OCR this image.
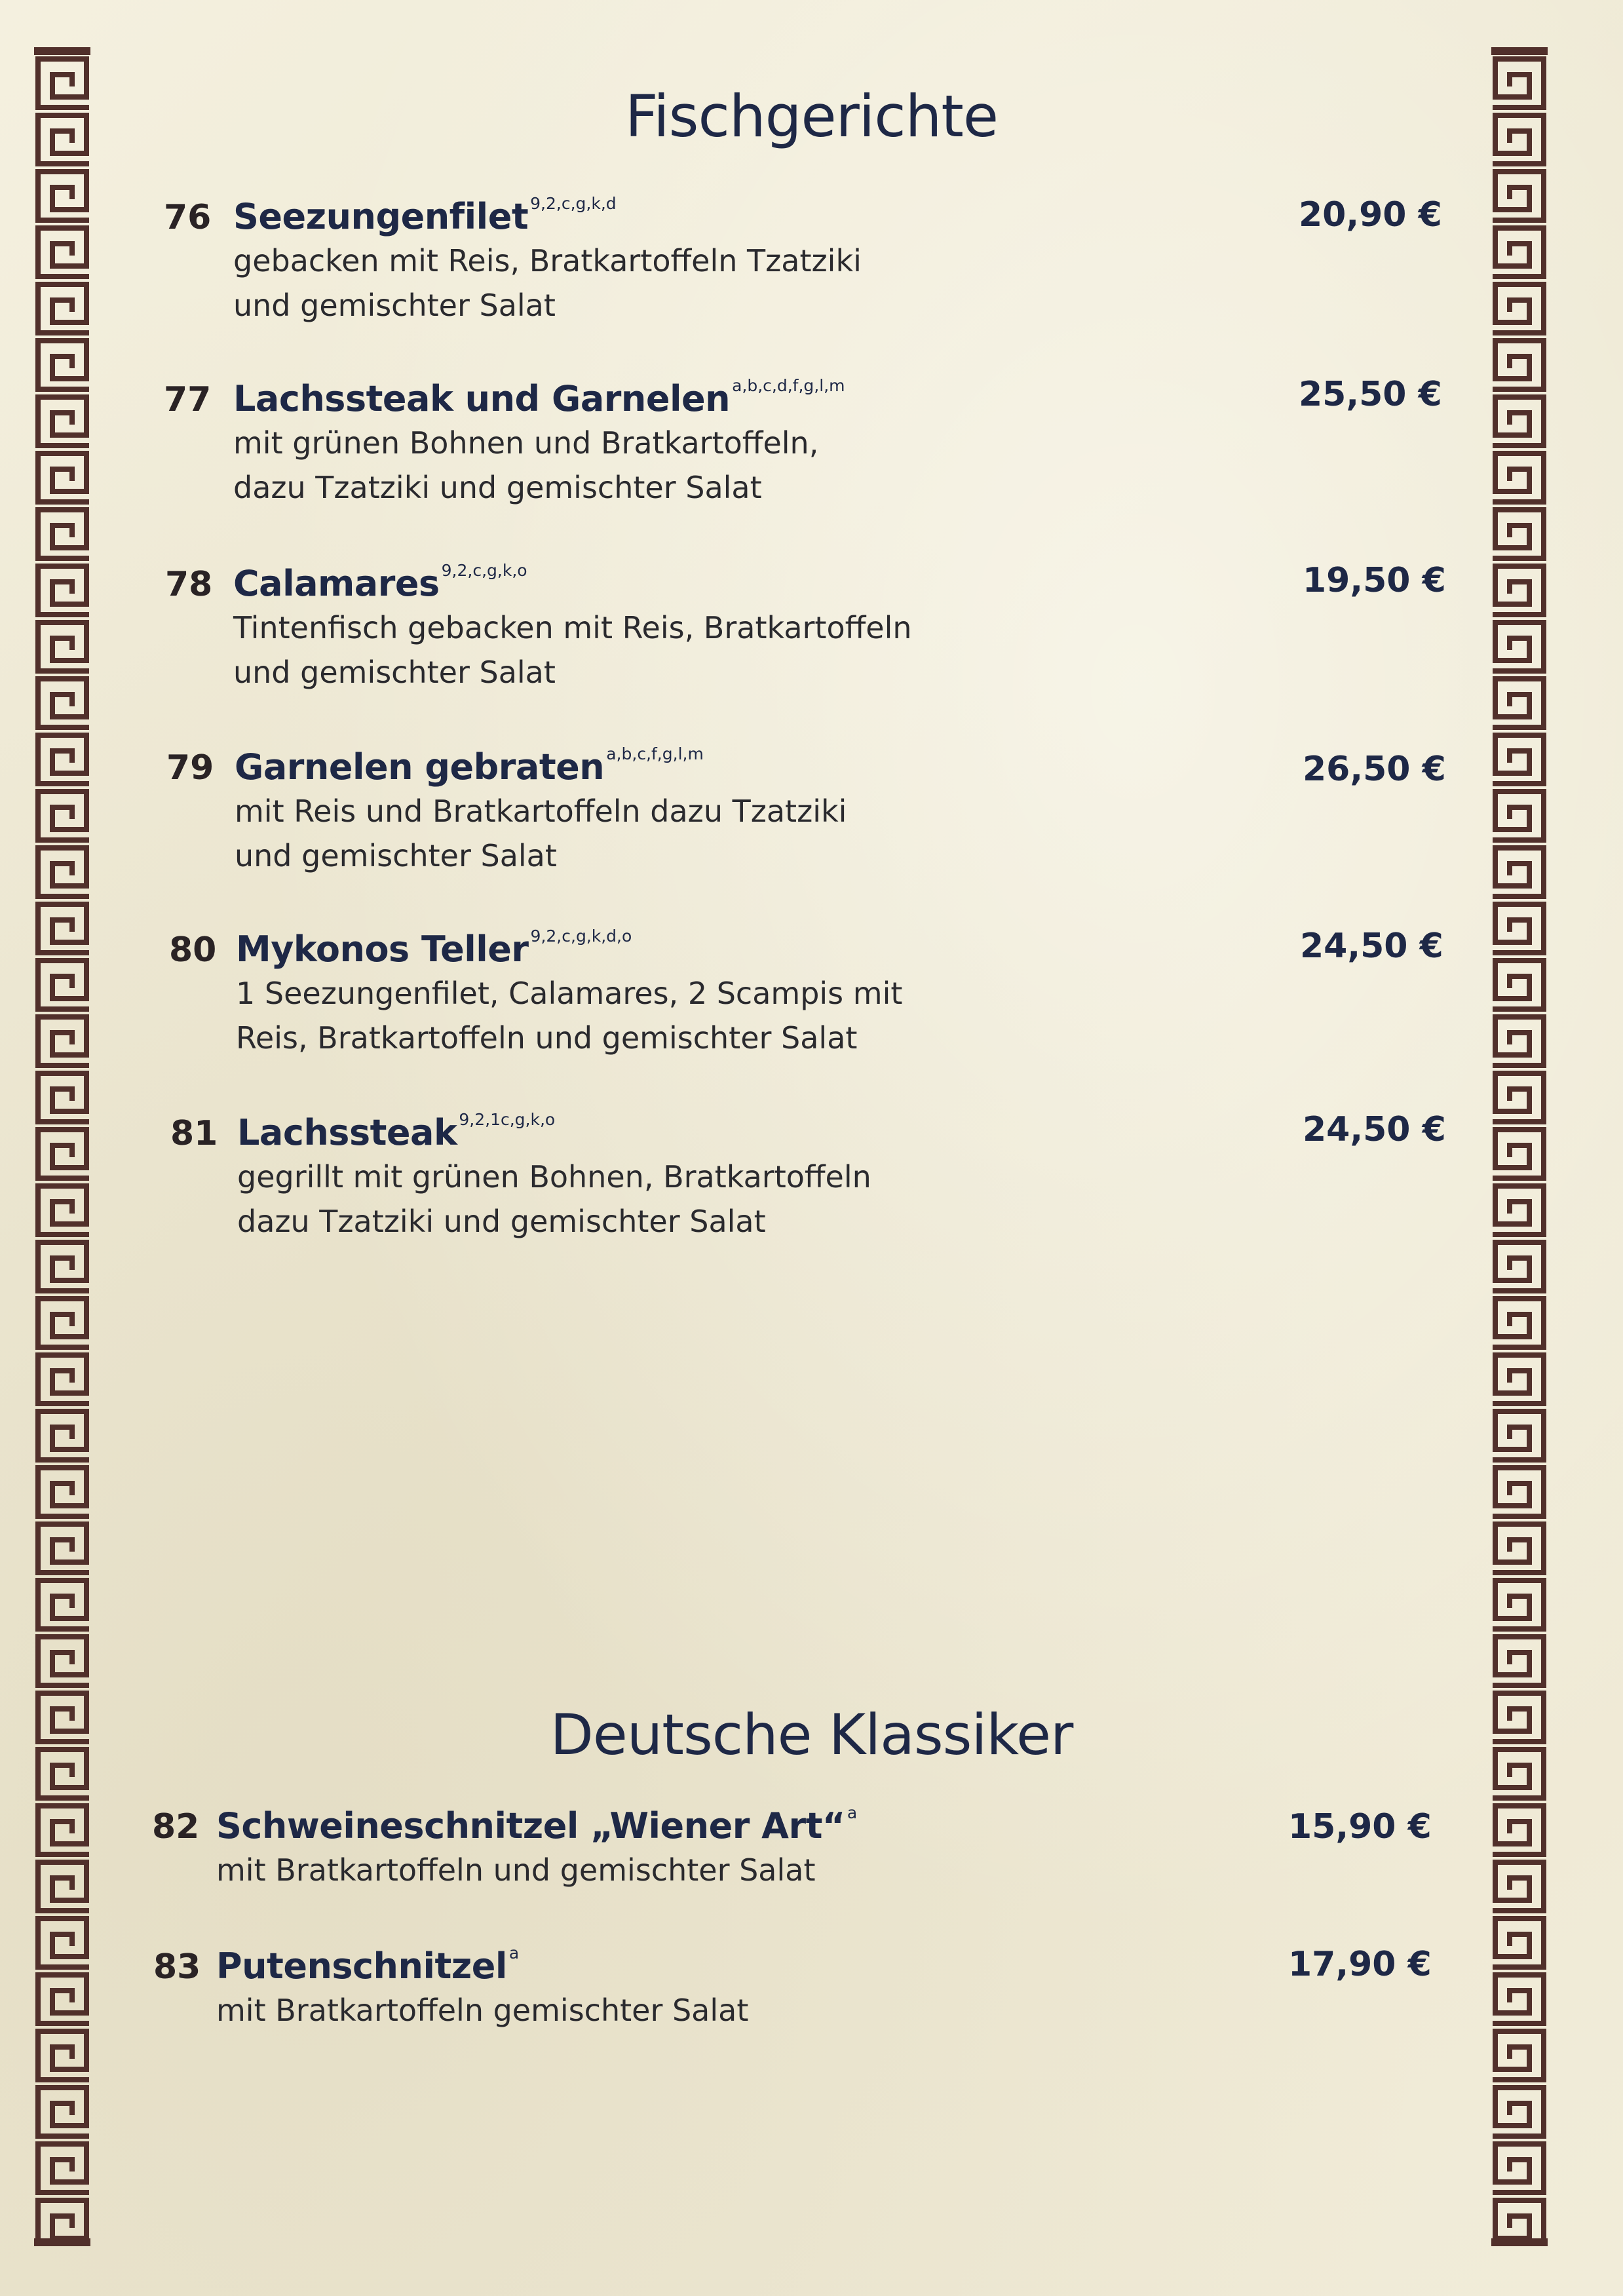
Fischgerichte
76 Seezungenfilet $^{9,2,c,g,k,d}$
gebacken mit Reis, Bratkartoffeln Tzatziki
und gemischter Salat
20,90 €
77 Lachssteak und Garnelen $^{a,b,c,d,f,g,l,m}$
mit grünen Bohnen und Bratkartoffeln,
dazu Tzatziki und gemischter Salat
25,50 €
78 Calamares $^{9,2,c,g,k,o}$
Tintenfisch gebacken mit Reis, Bratkartoffeln
und gemischter Salat
19,50 €
79 Garnelen gebraten $^{a,b,c,f,g,l,m}$
mit Reis und Bratkartoffeln dazu Tzatziki
und gemischter Salat
26,50 €
80 Mykonos Teller $^{9,2,c,g,k,d,o}$
1 Seezungenfilet, Calamares, 2 Scampis mit
Reis, Bratkartoffeln und gemischter Salat
24,50 €
81 Lachssteak $^{9,2,1c,g,k,o}$
gegrillt mit grünen Bohnen, Bratkartoffeln
dazu Tzatziki und gemischter Salat
24,50 €
Deutsche Klassiker
82 Schweineschnitzel „Wiener Art“ $^a$
mit Bratkartoffeln und gemischter Salat
15,90 €
83 Putenschnitzel $^a$
mit Bratkartoffeln gemischter Salat
17,90 €
